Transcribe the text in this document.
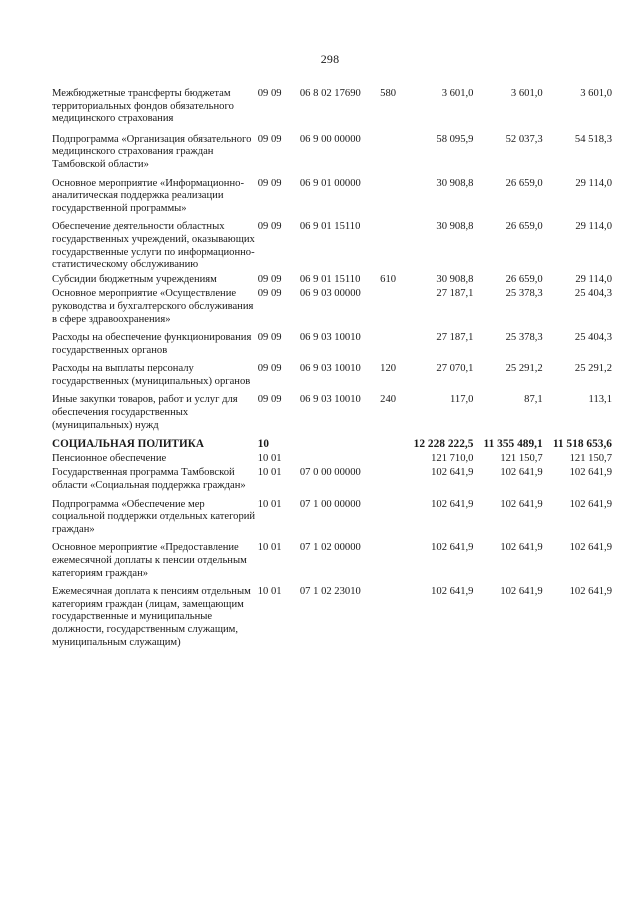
298
Межбюджетные трансферты бюджетам территориальных фондов обязательного медицинского страхования	09 09	06 8 02 17690	580	3 601,0	3 601,0	3 601,0
Подпрограмма «Организация обязательного медицинского страхования граждан Тамбовской области»	09 09	06 9 00 00000		58 095,9	52 037,3	54 518,3
Основное мероприятие «Информационно-аналитическая поддержка реализации государственной программы»	09 09	06 9 01 00000		30 908,8	26 659,0	29 114,0
Обеспечение деятельности областных государственных учреждений, оказывающих государственные услуги по информационно-статистическому обслуживанию	09 09	06 9 01 15110		30 908,8	26 659,0	29 114,0
Субсидии бюджетным учреждениям	09 09	06 9 01 15110	610	30 908,8	26 659,0	29 114,0
Основное мероприятие «Осуществление руководства и бухгалтерского обслуживания в сфере здравоохранения»	09 09	06 9 03 00000		27 187,1	25 378,3	25 404,3
Расходы на обеспечение функционирования государственных органов	09 09	06 9 03 10010		27 187,1	25 378,3	25 404,3
Расходы на выплаты персоналу государственных (муниципальных) органов	09 09	06 9 03 10010	120	27 070,1	25 291,2	25 291,2
Иные закупки товаров, работ и услуг для обеспечения государственных (муниципальных) нужд	09 09	06 9 03 10010	240	117,0	87,1	113,1
СОЦИАЛЬНАЯ ПОЛИТИКА	10			12 228 222,5	11 355 489,1	11 518 653,6
Пенсионное обеспечение	10 01			121 710,0	121 150,7	121 150,7
Государственная программа Тамбовской области «Социальная поддержка граждан»	10 01	07 0 00 00000		102 641,9	102 641,9	102 641,9
Подпрограмма «Обеспечение мер социальной поддержки отдельных категорий граждан»	10 01	07 1 00 00000		102 641,9	102 641,9	102 641,9
Основное мероприятие «Предоставление ежемесячной доплаты к пенсии отдельным категориям граждан»	10 01	07 1 02 00000		102 641,9	102 641,9	102 641,9
Ежемесячная доплата к пенсиям отдельным категориям граждан (лицам, замещающим государственные и муниципальные должности, государственным служащим, муниципальным служащим)	10 01	07 1 02 23010		102 641,9	102 641,9	102 641,9
